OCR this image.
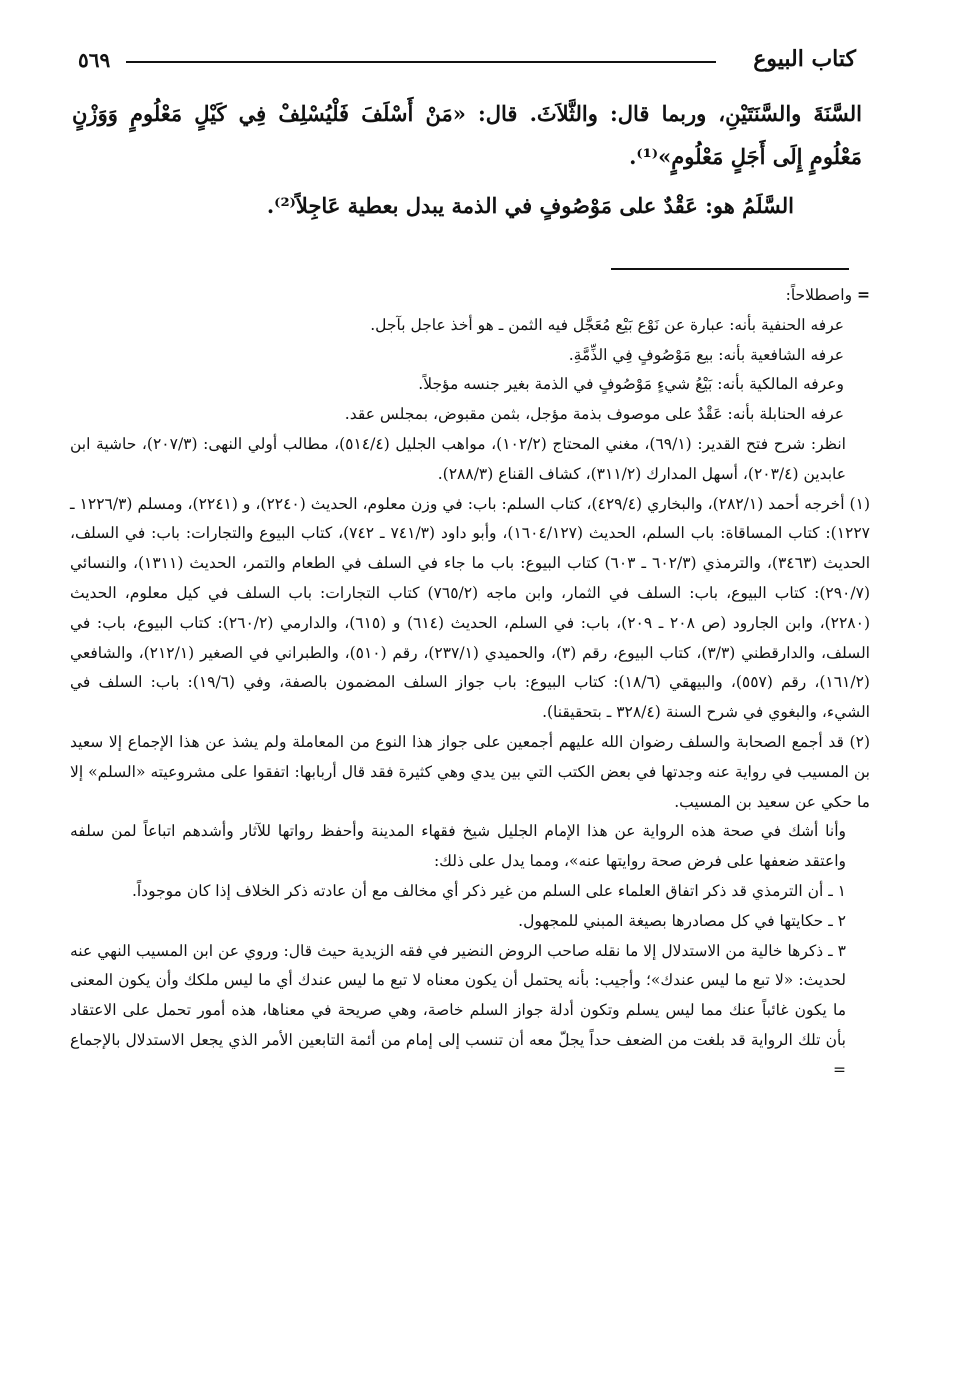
٥٦٩	كتاب البيوع

السَّنَةَ والسَّنَتَيْنِ، وربما قال: والثَّلاَثَ. قال: «مَنْ أَسْلَفَ فَلْيُسْلِفْ فِي كَيْلٍ مَعْلُومٍ وَوَزْنٍ مَعْلُومٍ إِلَى أَجَلٍ مَعْلُومٍ»⁽¹⁾.

السَّلَمُ هو: عَقْدٌ على مَوْصُوفٍ في الذمة يبدل بعطية عَاجِلاً⁽²⁾.

= واصطلاحاً:

عرفه الحنفية بأنه: عبارة عن نَوْع بَيْع مُعَجَّل فيه الثمن ـ هو أخذ عاجل بآجل.

عرفه الشافعية بأنه: بيع مَوْصُوفٍ فِي الذِّمَّةِ.

وعرفه المالكية بأنه: بَيْعُ شيءٍ مَوْصُوفٍ في الذمة بغير جنسه مؤجلاً.

عرفه الحنابلة بأنه: عَقْدٌ على موصوف بذمة مؤجل، بثمن مقبوض، بمجلس عقد.

انظر: شرح فتح القدير: (٦٩/١)، مغني المحتاج (١٠٢/٢)، مواهب الجليل (٥١٤/٤)، مطالب أولي النهى: (٢٠٧/٣)، حاشية ابن عابدين (٢٠٣/٤)، أسهل المدارك (٣١١/٢)، كشاف القناع (٢٨٨/٣).

(١) أخرجه أحمد (٢٨٢/١)، والبخاري (٤٢٩/٤)، كتاب السلم: باب: في وزن معلوم، الحديث (٢٢٤٠)، و (٢٢٤١)، ومسلم (١٢٢٦/٣ ـ ١٢٢٧): كتاب المساقاة: باب السلم، الحديث (١٦٠٤/١٢٧)، وأبو داود (٧٤١/٣ ـ ٧٤٢)، كتاب البيوع والتجارات: باب: في السلف، الحديث (٣٤٦٣)، والترمذي (٦٠٢/٣ ـ ٦٠٣) كتاب البيوع: باب ما جاء في السلف في الطعام والتمر، الحديث (١٣١١)، والنسائي (٢٩٠/٧): كتاب البيوع، باب: السلف في الثمار، وابن ماجه (٧٦٥/٢) كتاب التجارات: باب السلف في كيل معلوم، الحديث (٢٢٨٠)، وابن الجارود (ص ٢٠٨ ـ ٢٠٩)، باب: في السلم، الحديث (٦١٤) و (٦١٥)، والدارمي (٢٦٠/٢): كتاب البيوع، باب: في السلف، والدارقطني (٣/٣)، كتاب البيوع، رقم (٣)، والحميدي (٢٣٧/١)، رقم (٥١٠)، والطبراني في الصغير (٢١٢/١)، والشافعي (١٦١/٢)، رقم (٥٥٧)، والبيهقي (١٨/٦): كتاب البيوع: باب جواز السلف المضمون بالصفة، وفي (١٩/٦): باب: السلف في الشيء، والبغوي في شرح السنة (٣٢٨/٤ ـ بتحقيقنا).

(٢) قد أجمع الصحابة والسلف رضوان الله عليهم أجمعين على جواز هذا النوع من المعاملة ولم يشذ عن هذا الإجماع إلا سعيد بن المسيب في رواية عنه وجدتها في بعض الكتب التي بين يدي وهي كثيرة فقد قال أربابها: اتفقوا على مشروعيته «السلم» إلا ما حكي عن سعيد بن المسيب.

وأنا أشك في صحة هذه الرواية عن هذا الإمام الجليل شيخ فقهاء المدينة وأحفظ رواتها للآثار وأشدهم اتباعاً لمن سلفه واعتقد ضعفها على فرض صحة روايتها عنه»، ومما يدل على ذلك:

١ ـ أن الترمذي قد ذكر اتفاق العلماء على السلم من غير ذكر أي مخالف مع أن عادته ذكر الخلاف إذا كان موجوداً.

٢ ـ حكايتها في كل مصادرها بصيغة المبني للمجهول.

٣ ـ ذكرها خالية من الاستدلال إلا ما نقله صاحب الروض النضير في فقه الزيدية حيث قال: وروي عن ابن المسيب النهي عنه لحديث: «لا تبع ما ليس عندك»؛ وأجيب: بأنه يحتمل أن يكون معناه لا تبع ما ليس عندك أي ما ليس ملكك وأن يكون المعنى ما يكون غائباً عنك مما ليس يسلم وتكون أدلة جواز السلم خاصة، وهي صريحة في معناها، هذه أمور تحمل على الاعتقاد بأن تلك الرواية قد بلغت من الضعف حداً يجلّ معه أن تنسب إلى إمام من أئمة التابعين الأمر الذي يجعل الاستدلال بالإجماع =
